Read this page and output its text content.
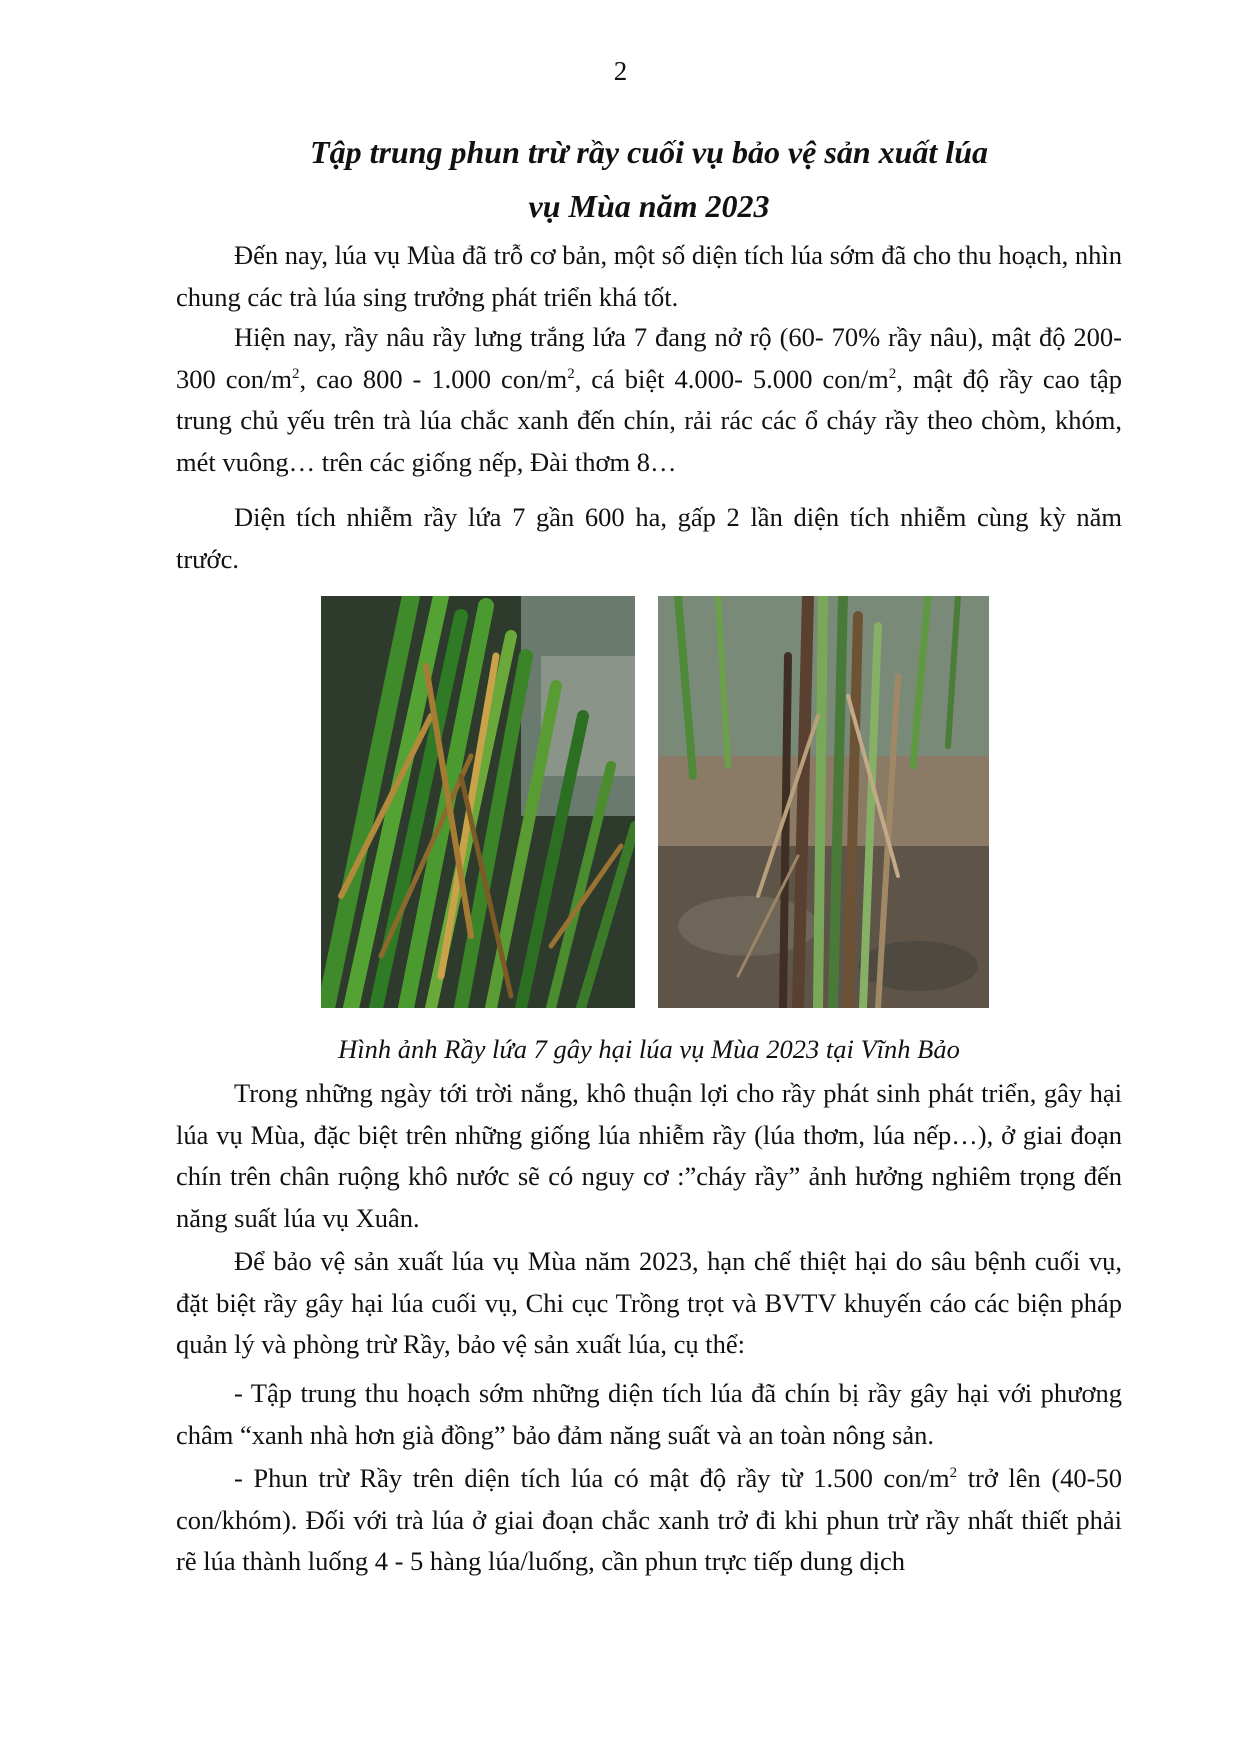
2
Tập trung phun trừ rầy cuối vụ bảo vệ sản xuất lúa
vụ Mùa năm 2023

Đến nay, lúa vụ Mùa đã trỗ cơ bản, một số diện tích lúa sớm đã cho thu hoạch, nhìn chung các trà lúa sing trưởng phát triển khá tốt.

Hiện nay, rầy nâu rầy lưng trắng lứa 7 đang nở rộ (60- 70% rầy nâu), mật độ 200-300 con/$m^2$, cao 800 - 1.000 con/$m^2$, cá biệt 4.000- 5.000 con/$m^2$, mật độ rầy cao tập trung chủ yếu trên trà lúa chắc xanh đến chín, rải rác các ổ cháy rầy theo chòm, khóm, mét vuông… trên các giống nếp, Đài thơm 8…

Diện tích nhiễm rầy lứa 7 gần 600 ha, gấp 2 lần diện tích nhiễm cùng kỳ năm trước.

Hình ảnh Rầy lứa 7 gây hại lúa vụ Mùa 2023 tại Vĩnh Bảo

Trong những ngày tới trời nắng, khô thuận lợi cho rầy phát sinh phát triển, gây hại lúa vụ Mùa, đặc biệt trên những giống lúa nhiễm rầy (lúa thơm, lúa nếp…), ở giai đoạn chín trên chân ruộng khô nước sẽ có nguy cơ :”cháy rầy” ảnh hưởng nghiêm trọng đến năng suất lúa vụ Xuân.

Để bảo vệ sản xuất lúa vụ Mùa năm 2023, hạn chế thiệt hại do sâu bệnh cuối vụ, đặt biệt rầy gây hại lúa cuối vụ, Chi cục Trồng trọt và BVTV khuyến cáo các biện pháp quản lý và phòng trừ Rầy, bảo vệ sản xuất lúa, cụ thể:

- Tập trung thu hoạch sớm những diện tích lúa đã chín bị rầy gây hại với phương châm “xanh nhà hơn già đồng” bảo đảm năng suất và an toàn nông sản.

- Phun trừ Rầy trên diện tích lúa có mật độ rầy từ 1.500 con/$m^2$ trở lên (40-50 con/khóm). Đối với trà lúa ở giai đoạn chắc xanh trở đi khi phun trừ rầy nhất thiết phải rẽ lúa thành luống 4 - 5 hàng lúa/luống, cần phun trực tiếp dung dịch
